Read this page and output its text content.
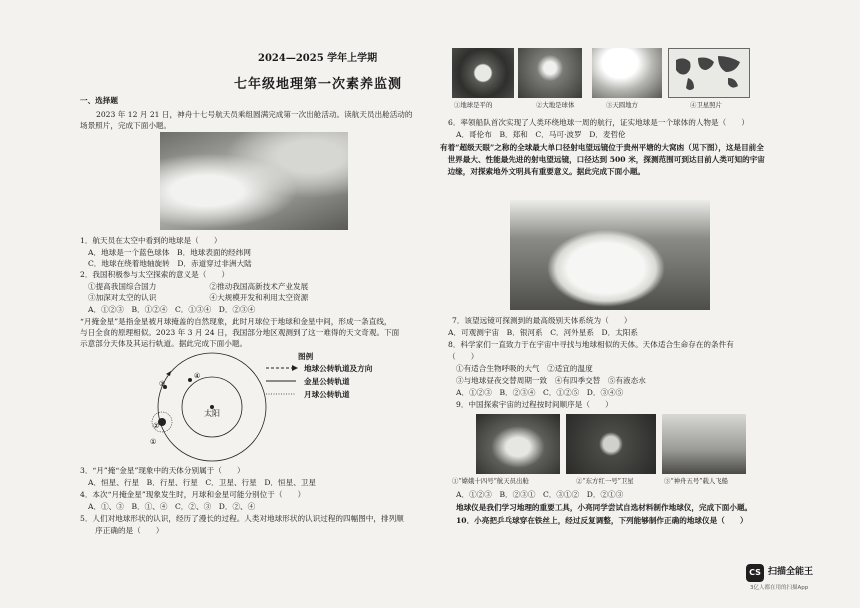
2024—2025 学年上学期
七年级地理第一次素养监测
一、选择题
2023 年 12 月 21 日，神舟十七号航天员乘组圆满完成第一次出舱活动。读航天员出舱活动的
场景照片，完成下面小题。
1．航天员在太空中看到的地球是（　　）
A．地球是一个蓝色球体　B．地球表面的经纬网
C．地球在绕着地轴旋转　D．赤道穿过非洲大陆
2．我国积极参与太空探索的意义是（　　）
①提高我国综合国力　　　　　　　②推动我国高新技术产业发展
③加深对太空的认识　　　　　　　④大规模开发和利用太空资源
A．①②③　B．①②④　C．①③④　D．②③④
“月掩金星”是指金星被月球掩盖的自然现象，此时月球位于地球和金星中间，形成一条直线，
与日全食的原理相似。2023 年 3 月 24 日，我国部分地区观测到了这一难得的天文奇观。下面
示意部分天体及其运行轨道。据此完成下面小题。
①
②
③
④
太阳
图例
地球公转轨道及方向
金星公转轨道
月球公转轨道
3．“月”掩“金星”现象中的天体分别属于（　　）
A．恒星、行星　B．行星、行星　C．卫星、行星　D．恒星、卫星
4．本次“月掩金星”现象发生时，月球和金星可能分别位于（　　）
A．①、③　B．①、④　C．②、③　D．②、④
5．人们对地球形状的认识，经历了漫长的过程。人类对地球形状的认识过程的四幅图中，排列顺
　　序正确的是（　　）
①地球是平的	②大地是球体	③天圆地方	④卫星照片
6．率领船队首次实现了人类环绕地球一周的航行，证实地球是一个球体的人物是（　　）
A．哥伦布　B．郑和　C．马可·波罗　D．麦哲伦
有着“超级天眼”之称的全球最大单口径射电望远镜位于贵州平塘的大窝凼（见下图），这是目前全
　世界最大、性能最先进的射电望远镜，口径达到 500 米，探测范围可到达目前人类可知的宇宙
　边缘，对探索地外文明具有重要意义。据此完成下面小题。
7．该望远镜可探测到的最高级别天体系统为（　　）
A．可观测宇宙　B．银河系　C．河外星系　D．太阳系
8．科学家们一直致力于在宇宙中寻找与地球相似的天体。天体适合生命存在的条件有
（　　）
①有适合生物呼吸的大气　②适宜的温度
③与地球昼夜交替周期一致　④有四季交替　⑤有液态水
A．①②③　B．②③④　C．①②⑤　D．③④⑤
9．中国探索宇宙的过程按时间顺序是（　　）
①“嫦娥十四号”航天员出舱	②“东方红一号”卫星	③“神舟五号”载人飞船
A．①②③　B．②③①　C．③①②　D．②①③
地球仪是我们学习地理的重要工具，小亮同学尝试自选材料制作地球仪，完成下面小题。
10．小亮把乒乓球穿在铁丝上，经过反复调整，下列能够制作正确的地球仪是（　　）
CS 扫描全能王
3亿人都在用的扫描App
